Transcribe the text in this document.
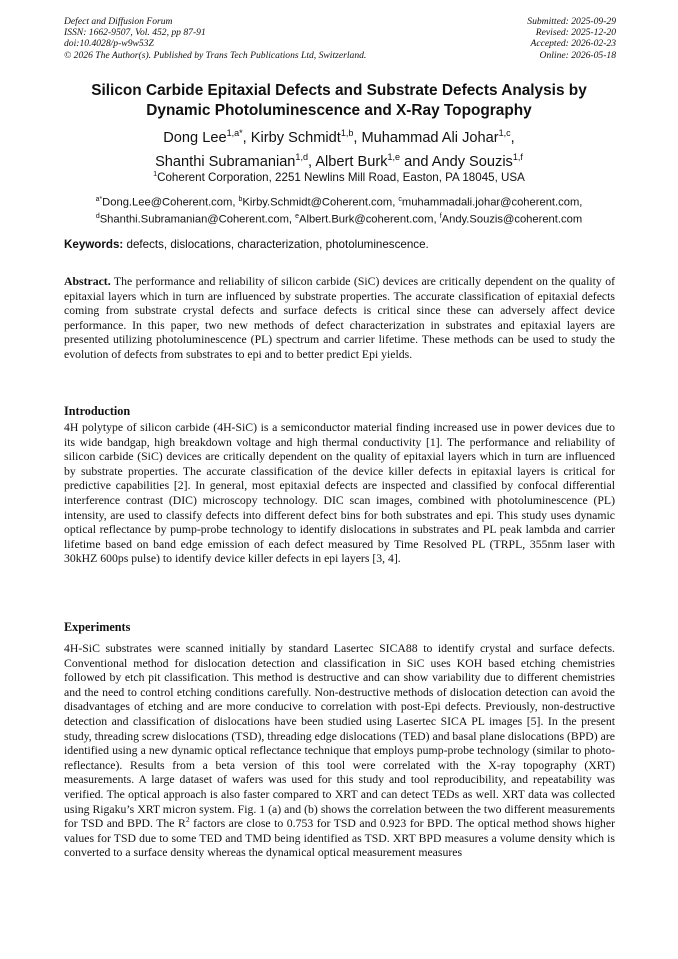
Defect and Diffusion Forum
ISSN: 1662-9507, Vol. 452, pp 87-91
doi:10.4028/p-w9w53Z
© 2026 The Author(s). Published by Trans Tech Publications Ltd, Switzerland.
Submitted: 2025-09-29
Revised: 2025-12-20
Accepted: 2026-02-23
Online: 2026-05-18
Silicon Carbide Epitaxial Defects and Substrate Defects Analysis by
Dynamic Photoluminescence and X-Ray Topography
Dong Lee$^{1,a*}$, Kirby Schmidt$^{1,b}$, Muhammad Ali Johar$^{1,c}$,
Shanthi Subramanian$^{1,d}$, Albert Burk$^{1,e}$ and Andy Souzis$^{1,f}$
$^1$Coherent Corporation, 2251 Newlins Mill Road, Easton, PA 18045, USA
$^{a*}$Dong.Lee@Coherent.com, $^b$Kirby.Schmidt@Coherent.com, $^c$muhammadali.johar@coherent.com,
$^d$Shanthi.Subramanian@Coherent.com, $^e$Albert.Burk@coherent.com, $^f$Andy.Souzis@coherent.com
Keywords: defects, dislocations, characterization, photoluminescence.
Abstract. The performance and reliability of silicon carbide (SiC) devices are critically dependent on the quality of epitaxial layers which in turn are influenced by substrate properties. The accurate classification of epitaxial defects coming from substrate crystal defects and surface defects is critical since these can adversely affect device performance. In this paper, two new methods of defect characterization in substrates and epitaxial layers are presented utilizing photoluminescence (PL) spectrum and carrier lifetime. These methods can be used to study the evolution of defects from substrates to epi and to better predict Epi yields.
Introduction
4H polytype of silicon carbide (4H-SiC) is a semiconductor material finding increased use in power devices due to its wide bandgap, high breakdown voltage and high thermal conductivity [1]. The performance and reliability of silicon carbide (SiC) devices are critically dependent on the quality of epitaxial layers which in turn are influenced by substrate properties. The accurate classification of the device killer defects in epitaxial layers is critical for predictive capabilities [2]. In general, most epitaxial defects are inspected and classified by confocal differential interference contrast (DIC) microscopy technology. DIC scan images, combined with photoluminescence (PL) intensity, are used to classify defects into different defect bins for both substrates and epi. This study uses dynamic optical reflectance by pump-probe technology to identify dislocations in substrates and PL peak lambda and carrier lifetime based on band edge emission of each defect measured by Time Resolved PL (TRPL, 355nm laser with 30kHZ 600ps pulse) to identify device killer defects in epi layers [3, 4].
Experiments
4H-SiC substrates were scanned initially by standard Lasertec SICA88 to identify crystal and surface defects. Conventional method for dislocation detection and classification in SiC uses KOH based etching chemistries followed by etch pit classification. This method is destructive and can show variability due to different chemistries and the need to control etching conditions carefully. Non-destructive methods of dislocation detection can avoid the disadvantages of etching and are more conducive to correlation with post-Epi defects. Previously, non-destructive detection and classification of dislocations have been studied using Lasertec SICA PL images [5]. In the present study, threading screw dislocations (TSD), threading edge dislocations (TED) and basal plane dislocations (BPD) are identified using a new dynamic optical reflectance technique that employs pump-probe technology (similar to photo-reflectance). Results from a beta version of this tool were correlated with the X-ray topography (XRT) measurements. A large dataset of wafers was used for this study and tool reproducibility, and repeatability was verified. The optical approach is also faster compared to XRT and can detect TEDs as well. XRT data was collected using Rigaku’s XRT micron system. Fig. 1 (a) and (b) shows the correlation between the two different measurements for TSD and BPD. The $R^2$ factors are close to 0.753 for TSD and 0.923 for BPD. The optical method shows higher values for TSD due to some TED and TMD being identified as TSD. XRT BPD measures a volume density which is converted to a surface density whereas the dynamical optical measurement measures
